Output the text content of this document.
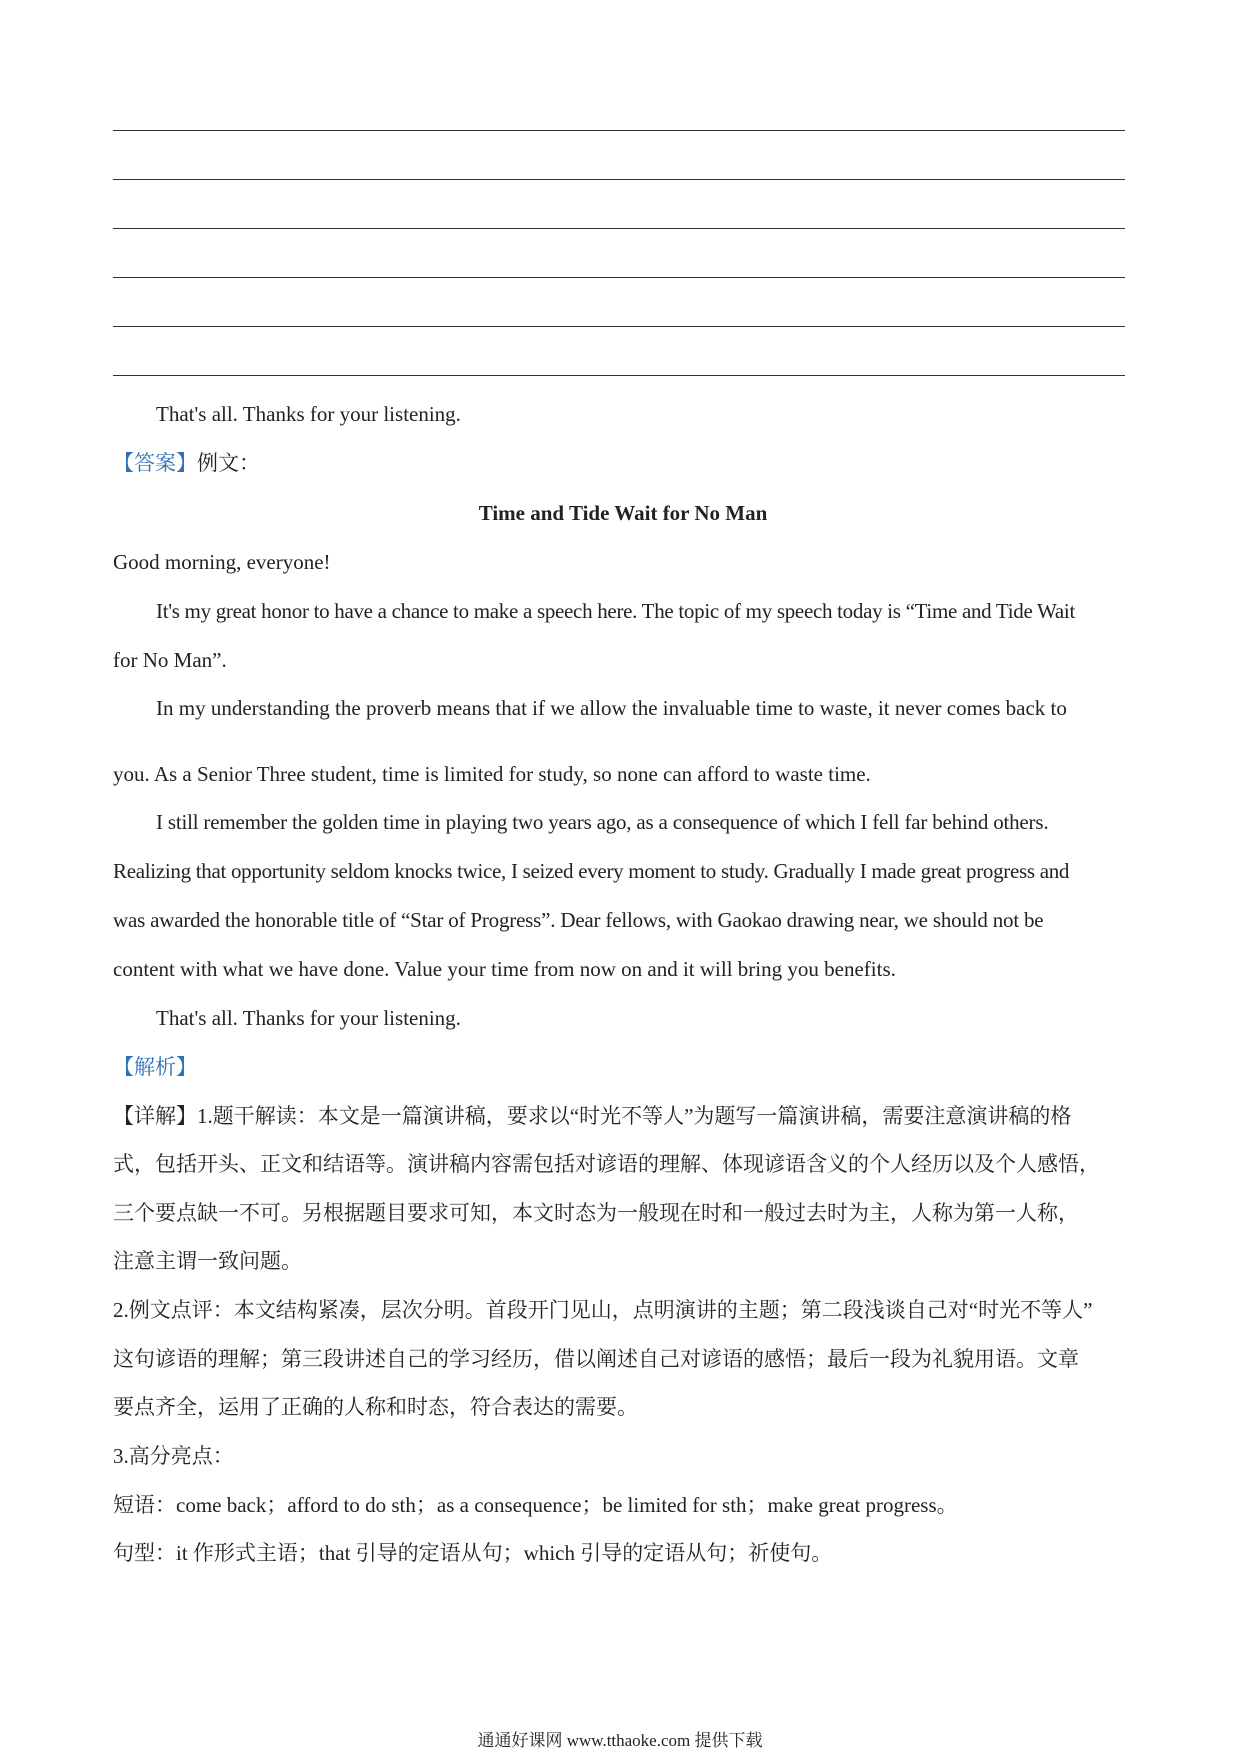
That's all. Thanks for your listening.
【答案】例文：
Time and Tide Wait for No Man
Good morning, everyone!
It's my great honor to have a chance to make a speech here. The topic of my speech today is “Time and Tide Wait
for No Man”.
In my understanding the proverb means that if we allow the invaluable time to waste, it never comes back to
you. As a Senior Three student, time is limited for study, so none can afford to waste time.
I still remember the golden time in playing two years ago, as a consequence of which I fell far behind others.
Realizing that opportunity seldom knocks twice, I seized every moment to study. Gradually I made great progress and
was awarded the honorable title of “Star of Progress”. Dear fellows, with Gaokao drawing near, we should not be
content with what we have done. Value your time from now on and it will bring you benefits.
That's all. Thanks for your listening.
【解析】
【详解】1.题干解读：本文是一篇演讲稿，要求以“时光不等人”为题写一篇演讲稿，需要注意演讲稿的格
式，包括开头、正文和结语等。演讲稿内容需包括对谚语的理解、体现谚语含义的个人经历以及个人感悟，
三个要点缺一不可。另根据题目要求可知，本文时态为一般现在时和一般过去时为主，人称为第一人称，
注意主谓一致问题。
2.例文点评：本文结构紧凑，层次分明。首段开门见山，点明演讲的主题；第二段浅谈自己对“时光不等人”
这句谚语的理解；第三段讲述自己的学习经历，借以阐述自己对谚语的感悟；最后一段为礼貌用语。文章
要点齐全，运用了正确的人称和时态，符合表达的需要。
3.高分亮点：
短语：come back；afford to do sth；as a consequence；be limited for sth；make great progress。
句型：it 作形式主语；that 引导的定语从句；which 引导的定语从句；祈使句。
通通好课网 www.tthaoke.com 提供下载
